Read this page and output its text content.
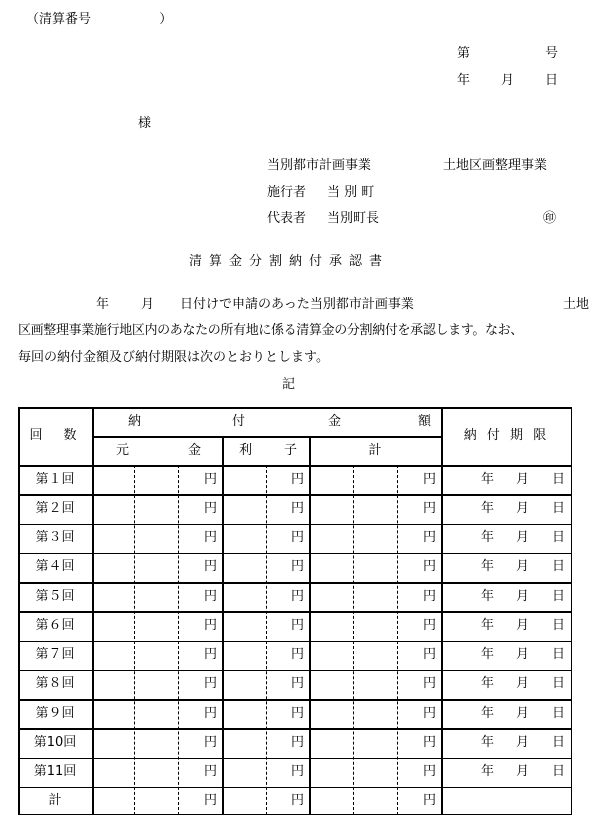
（清算番号	）
第	号
年 月 日
様
当別都市計画事業	土地区画整理事業
施行者 当 別 町
代表者 当別町長	㊞
清算金分割納付承認書
年 月 日付けで申請のあった当別都市計画事業	土地
区画整理事業施行地区内のあなたの所有地に係る清算金の分割納付を承認します。なお、
毎回の納付金額及び納付期限は次のとおりとします。
記
回　数
納	付	金	額
元	金	利 子	計
納 付 期 限
第１回	円	円	円	年 月 日
第２回	円	円	円	年 月 日
第３回	円	円	円	年 月 日
第４回	円	円	円	年 月 日
第５回	円	円	円	年 月 日
第６回	円	円	円	年 月 日
第７回	円	円	円	年 月 日
第８回	円	円	円	年 月 日
第９回	円	円	円	年 月 日
第10回	円	円	円	年 月 日
第11回	円	円	円	年 月 日
計	円	円	円
